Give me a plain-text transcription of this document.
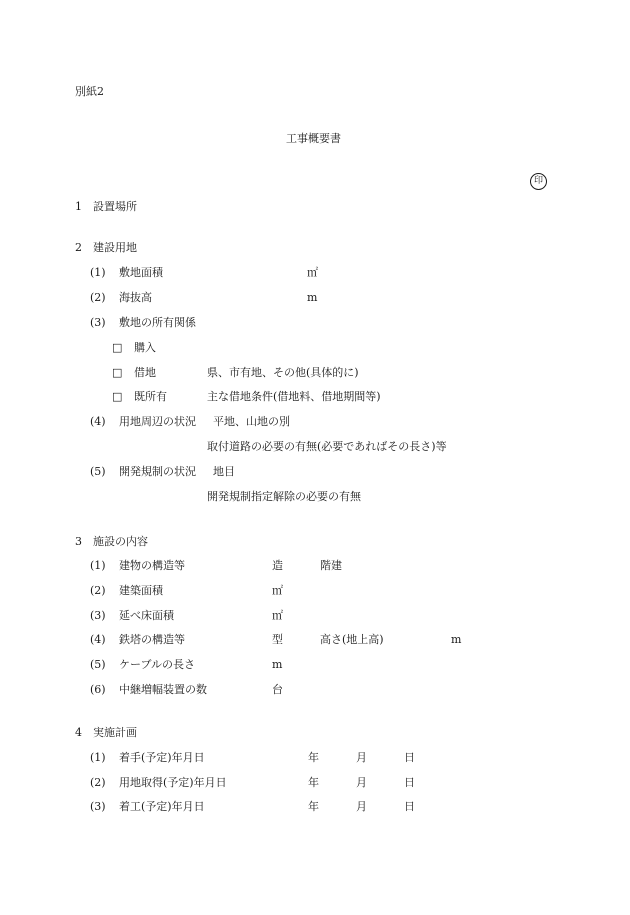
別紙2
工事概要書
印
1　設置場所
2　建設用地
(1) 敷地面積	㎡
(2) 海抜高	m
(3) 敷地の所有関係
□ 購入
□ 借地	県、市有地、その他(具体的に)
□ 既所有	主な借地条件(借地料、借地期間等)
(4) 用地周辺の状況 平地、山地の別
取付道路の必要の有無(必要であればその長さ)等
(5) 開発規制の状況 地目
開発規制指定解除の必要の有無
3　施設の内容
(1) 建物の構造等	造	階建
(2) 建築面積	㎡
(3) 延べ床面積	㎡
(4) 鉄塔の構造等	型	高さ(地上高)	m
(5) ケーブルの長さ	m
(6) 中継増幅装置の数	台
4　実施計画
(1) 着手(予定)年月日	年	月	日
(2) 用地取得(予定)年月日	年	月	日
(3) 着工(予定)年月日	年	月	日
